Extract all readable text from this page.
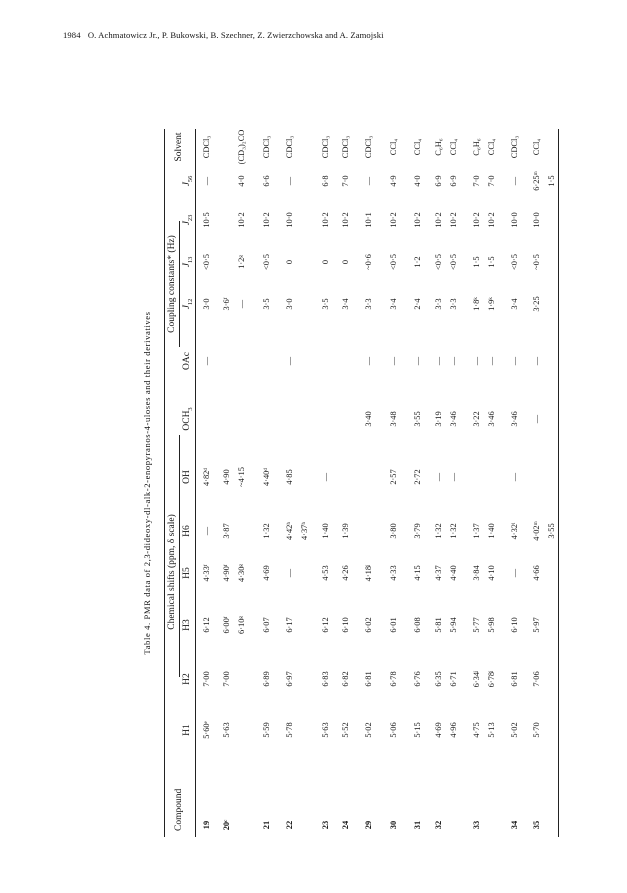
1984 O. Achmatowicz Jr., P. Bukowski, B. Szechner, Z. Zwierzchowska and A. Zamojski
Table 4. PMR data of 2,3-dideoxy-dl-alk-2-enopyranos-4-uloses and their derivatives	Chemical shifts (ppm, δ scale)
Coupling constants* (Hz)
Compound
H1
H2
H3
H5
H6
OH
$OCH_3$
OAc
$J_{12}$
$J_{13}$
$J_{23}$
$J_{56}$
Solvent
19
5·60ᵉ
7·00
6·12
4·33ᶠ
—
4·82ᵈ
—
3·0
<0·5
10·5
—
CDCl₃
20ᶜ
5·63
7·00
6·00ᶠ
4·90ᶠ
3·87
4·90
3·6ᶠ
6·10ᵍ
4·30ᵍ
~4·15
—
1·2ᵍ
10·2
4·0
(CD₃)₂CO
21
5·59
6·89
6·07
4·69
1·32
4·40ᵈ
3·5
<0·5
10·2
6·6
CDCl₃
22
5·78
6·97
6·17
—
4·42ʰ
4·85
—
3·0
0
10·0
—
CDCl₃
4·37ʰ
23
5·63
6·83
6·12
4·53
1·40
—
3·5
0
10·2
6·8
CDCl₃
24
5·52
6·82
6·10
4·26
1·39
3·4
0
10·2
7·0
CDCl₃
29
5·02
6·81
6·02
4·18ʲ
3·40
—
3·3
~0·6
10·1
—
CDCl₃
30
5·06
6·78
6·01
4·33
3·80
2·57
3·48
—
3·4
<0·5
10·2
4·9
CCl₄
31
5·15
6·76
6·08
4·15
3·79
2·72
3·55
—
2·4
1·2
10·2
4·0
CCl₄
32
4·69
6·35
5·81
4·37
1·32
—
3·19
—
3·3
<0·5
10·2
6·9
C₆H₆
4·96
6·71
5·94
4·40
1·32
—
3·46
—
3·3
<0·5
10·2
6·9
CCl₄
33
4·75
6·34ʲ
5·77
3·84
1·37
3·22
—
1·8ᵏ
1·5
10·2
7·0
C₆H₆
5·13
6·78ʲ
5·98
4·10
1·40
3·46
—
1·9ᵏ
1·5
10·2
7·0
CCl₄
34
5·02
6·81
6·10
—
4·32ˡ
—
3·46
—
3·4
<0·5
10·0
—
CDCl₃
35
5·70
7·06
5·97
4·66
4·02ᵐ
—
—
3·25
~0·5
10·0
6·25ᵐ
CCl₄
3·55
1·5
